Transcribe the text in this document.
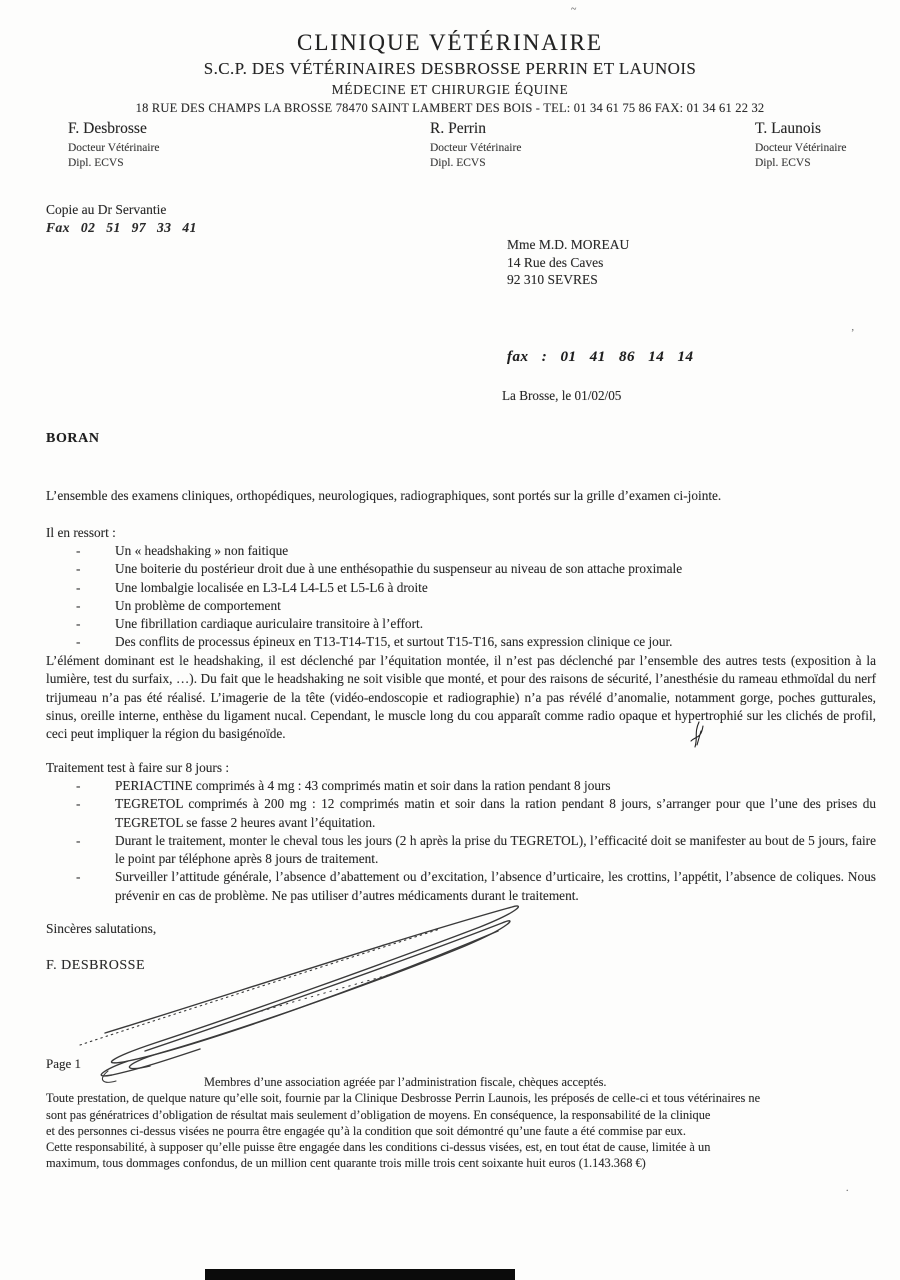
~
’
.
CLINIQUE VÉTÉRINAIRE
S.C.P. DES VÉTÉRINAIRES DESBROSSE PERRIN ET LAUNOIS
MÉDECINE ET CHIRURGIE ÉQUINE
18 RUE DES CHAMPS LA BROSSE 78470 SAINT LAMBERT DES BOIS - TEL: 01 34 61 75 86 FAX: 01 34 61 22 32
F. Desbrosse
Docteur Vétérinaire
Dipl. ECVS
R. Perrin
Docteur Vétérinaire
Dipl. ECVS
T. Launois
Docteur Vétérinaire
Dipl. ECVS
Copie au Dr Servantie
Fax 02 51 97 33 41
Mme M.D. MOREAU
14 Rue des Caves
92 310 SEVRES
fax : 01 41 86 14 14
La Brosse, le 01/02/05
BORAN
L’ensemble des examens cliniques, orthopédiques, neurologiques, radiographiques, sont portés sur la grille d’examen ci-jointe.
Il en ressort :
-	Un « headshaking » non faitique
-	Une boiterie du postérieur droit due à une enthésopathie du suspenseur au niveau de son attache proximale
-	Une lombalgie localisée en L3-L4 L4-L5 et L5-L6 à droite
-	Un problème de comportement
-	Une fibrillation cardiaque auriculaire transitoire à l’effort.
-	Des conflits de processus épineux en T13-T14-T15, et surtout T15-T16, sans expression clinique ce jour.
L’élément dominant est le headshaking, il est déclenché par l’équitation montée, il n’est pas déclenché par l’ensemble des autres tests (exposition à la lumière, test du surfaix, …). Du fait que le headshaking ne soit visible que monté, et pour des raisons de sécurité, l’anesthésie du rameau ethmoïdal du nerf trijumeau n’a pas été réalisé. L’imagerie de la tête (vidéo-endoscopie et radiographie) n’a pas révélé d’anomalie, notamment gorge, poches gutturales, sinus, oreille interne, enthèse du ligament nucal. Cependant, le muscle long du cou apparaît comme radio opaque et hypertrophié sur les clichés de profil, ceci peut impliquer la région du basigénoïde.
Traitement test à faire sur 8 jours :
-	PERIACTINE comprimés à 4 mg : 43 comprimés matin et soir dans la ration pendant 8 jours
-	TEGRETOL comprimés à 200 mg : 12 comprimés matin et soir dans la ration pendant 8 jours, s’arranger pour que l’une des prises du TEGRETOL se fasse 2 heures avant l’équitation.
-	Durant le traitement, monter le cheval tous les jours (2 h après la prise du TEGRETOL), l’efficacité doit se manifester au bout de 5 jours, faire le point par téléphone après 8 jours de traitement.
-	Surveiller l’attitude générale, l’absence d’abattement ou d’excitation, l’absence d’urticaire, les crottins, l’appétit, l’absence de coliques. Nous prévenir en cas de problème. Ne pas utiliser d’autres médicaments durant le traitement.
Sincères salutations,
F. DESBROSSE
Page 1
Membres d’une association agréée par l’administration fiscale, chèques acceptés.
Toute prestation, de quelque nature qu’elle soit, fournie par la Clinique Desbrosse Perrin Launois, les préposés de celle-ci et tous vétérinaires ne
sont pas génératrices d’obligation de résultat mais seulement d’obligation de moyens. En conséquence, la responsabilité de la clinique
et des personnes ci-dessus visées ne pourra être engagée qu’à la condition que soit démontré qu’une faute a été commise par eux.
Cette responsabilité, à supposer qu’elle puisse être engagée dans les conditions ci-dessus visées, est, en tout état de cause, limitée à un
maximum, tous dommages confondus, de un million cent quarante trois mille trois cent soixante huit euros (1.143.368 €)
